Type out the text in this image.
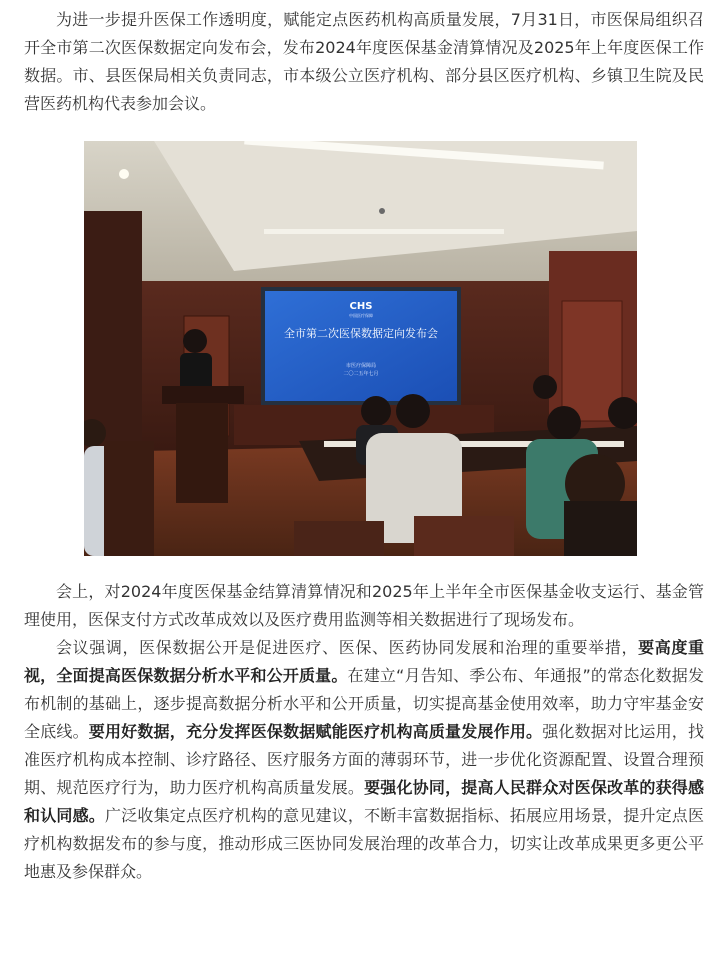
为进一步提升医保工作透明度，赋能定点医药机构高质量发展，7月31日，市医保局组织召开全市第二次医保数据定向发布会，发布2024年度医保基金清算情况及2025年上年度医保工作数据。市、县医保局相关负责同志，市本级公立医疗机构、部分县区医疗机构、乡镇卫生院及民营医药机构代表参加会议。

CHS
中国医疗保障
全市第二次医保数据定向发布会
市医疗保障局
二〇二五年七月

会上，对2024年度医保基金结算清算情况和2025年上半年全市医保基金收支运行、基金管理使用，医保支付方式改革成效以及医疗费用监测等相关数据进行了现场发布。

会议强调，医保数据公开是促进医疗、医保、医药协同发展和治理的重要举措，要高度重视，全面提高医保数据分析水平和公开质量。在建立“月告知、季公布、年通报”的常态化数据发布机制的基础上，逐步提高数据分析水平和公开质量，切实提高基金使用效率，助力守牢基金安全底线。要用好数据，充分发挥医保数据赋能医疗机构高质量发展作用。强化数据对比运用，找准医疗机构成本控制、诊疗路径、医疗服务方面的薄弱环节，进一步优化资源配置、设置合理预期、规范医疗行为，助力医疗机构高质量发展。要强化协同，提高人民群众对医保改革的获得感和认同感。广泛收集定点医疗机构的意见建议，不断丰富数据指标、拓展应用场景，提升定点医疗机构数据发布的参与度，推动形成三医协同发展治理的改革合力，切实让改革成果更多更公平地惠及参保群众。
